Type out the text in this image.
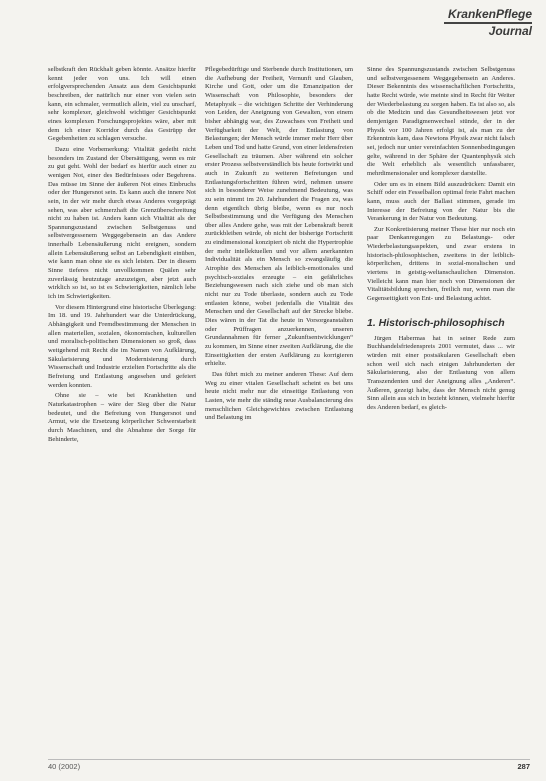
KrankenPflege
Journal

selbstkraft den Rückhalt geben könnte. Ansätze hierfür kennt jeder von uns. Ich will einen erfolgversprechenden Ansatz aus dem Gesichtspunkt beschreiben, der natürlich nur einer von vielen sein kann, ein schmaler, vermutlich allein, viel zu unscharf, sehr komplexer, gleichwohl wichtiger Gesichtspunkt eines komplexen Forschungsprojektes wäre, aber mit dem ich einer Korridor durch das Gestrüpp der Gegebenheiten zu schlagen versuche.

Dazu eine Vorbemerkung: Vitalität gedeiht nicht besonders im Zustand der Übersättigung, wenn es mir zu gut geht. Wohl der bedarf es hierfür auch einer zu wenigen Not, einer des Bedürfnisses oder Begehrens. Das müsse im Sinne der äußeren Not eines Einbruchs oder der Hungersnot sein. Es kann auch die innere Not sein, in der wir mehr durch etwas Anderes vorgeprägt sehen, was aber schmerzhaft die Grenzüberschreitung nicht zu haben ist. Anders kann sich Vitalität als der Spannungszustand zwischen Selbstgenuss und selbstvergessenem Weggegebensein an das Andere innerhalb Lebensäußerung nicht ereignen, sondern allein Lebensäußerung selbst an Lebendigkeit einüben, wie kann man ohne sie es sich leisten. Der in diesem Sinne tieferes nicht unvollkommen Quälen sehr zuverlässig heutzutage anzuzeigen, aber jetzt auch wirklich so ist, so ist es Schwierigkeiten, nämlich lebe ich im Schwierigkeiten.

Vor diesem Hintergrund eine historische Überlegung: Im 18. und 19. Jahrhundert war die Unterdrückung, Abhängigkeit und Fremdbestimmung der Menschen in allen materiellen, sozialen, ökonomischen, kulturellen und moralisch-politischen Dimensionen so groß, dass weitgehend mit Recht die im Namen von Aufklärung, Säkularisierung und Modernisierung durch Wissenschaft und Industrie erzielten Fortschritte als die Befreiung und Entlastung angesehen und gefeiert werden konnten.

Ohne sie – wie bei Krankheiten und Naturkatastrophen – wäre der Sieg über die Natur bedeutet, und die Befreiung von Hungersnot und Armut, wie die Ersetzung körperlicher Schwerstarbeit durch Maschinen, und die Abnahme der Sorge für Behinderte,

Pflegebedürftige und Sterbende durch Institutionen, um die Aufhebung der Freiheit, Vernunft und Glauben, Kirche und Gott, oder um die Emanzipation der Wissenschaft von Philosophie, besonders der Metaphysik – die wichtigen Schritte der Verhinderung von Leiden, der Aneignung von Gewalten, von einem bisher abhängig war, des Zuwachses von Freiheit und Verfügbarkeit der Welt, der Entlastung von Belastungen; der Mensch würde immer mehr Herr über Leben und Tod und hatte Grund, von einer leidensfreien Gesellschaft zu träumen. Aber während ein solcher erster Prozess selbstverständlich bis heute fortwirkt und auch in Zukunft zu weiteren Befreiungen und Entlastungsfortschritten führen wird, nehmen unsere sich in besonderer Weise zunehmend Bedeutung, was zu sein nimmt im 20. Jahrhundert die Fragen zu, was denn eigentlich übrig bleibe, wenn es nur noch Selbstbestimmung und die Verfügung des Menschen über alles Andere gehe, was mit der Lebenskraft bereit zurückbleiben würde, ob nicht der bisherige Fortschritt zu eindimensional konzipiert ob nicht die Hypertrophie der mehr intellektuellen und vor allem anerkannten Individualität als ein Mensch so zwangsläufig die Atrophie des Menschen als leiblich-emotionales und psychisch-soziales erzeugte – ein gefährliches Beziehungswesen nach sich ziehe und ob man sich nicht nur zu Tode überlaste, sondern auch zu Tode entlasten könne, wobei jedenfalls die Vitalität des Menschen und der Gesellschaft auf der Strecke bliebe. Dies wären in der Tat die heute in Vorsorgeanstalten oder Prüffragen anzuerkennen, unseren Grundannahmen für ferner „Zukunftsentwicklungen“ zu kommen, im Sinne einer zweiten Aufklärung, die die Einseitigkeiten der ersten Aufklärung zu korrigieren erhielte.

Das führt mich zu meiner anderen These: Auf dem Weg zu einer vitalen Gesellschaft scheint es bei uns heute nicht mehr nur die einseitige Entlastung von Lasten, wie mehr die ständig neue Ausbalancierung des menschlichen Gleichgewichtes zwischen Entlastung und Belastung im

Sinne des Spannungszustands zwischen Selbstgenuss und selbstvergessenem Weggegebensein an Anderes. Dieser Bekenntnis des wissenschaftlichen Fortschritts, hatte Recht würde, wie meinte sind in Recht für Weiter der Wiederbelastung zu sorgen haben. Es ist also so, als ob die Medizin und das Gesundheitswesen jetzt vor demjenigen Paradigmenwechsel stünde, der in der Physik vor 100 Jahren erfolgt ist, als man zu der Erkenntnis kam, dass Newtons Physik zwar nicht falsch sei, jedoch nur unter vereinfachten Sonnenbedingungen gelte, während in der Sphäre der Quantenphysik sich die Welt erheblich als wesentlich unfassbarer, mehrdimensionaler und komplexer darstellte.

Oder um es in einem Bild auszudrücken: Damit ein Schiff oder ein Fesselballon optimal freie Fahrt machen kann, muss auch der Ballast stimmen, gerade im Interesse der Befreiung von der Natur bis die Verankerung in der Natur von Bedeutung.

Zur Konkretisierung meiner These hier nur noch ein paar Denkanregungen zu Belastungs- oder Wiederbelastungsaspekten, und zwar erstens in historisch-philosophischen, zweitens in der leiblich-körperlichen, drittens in sozial-moralischen und viertens in geistig-weltanschaulichen Dimension. Vielleicht kann man hier noch von Dimensionen der Vitalitätsbildung sprechen, freilich nur, wenn man die Gegenseitigkeit von Ent- und Belastung achtet.

1. Historisch-philosophisch

Jürgen Habermas hat in seiner Rede zum Buchhandelsfriedenspreis 2001 vermutet, dass ... wir würden mit einer postsäkularen Gesellschaft eben schon weil sich nach einigen Jahrhunderten der Säkularisierung, also der Entlastung von allem Transzendenten und der Aneignung alles „Anderen“. Äußeren, gezeigt habe, dass der Mensch nicht genug Sinn allein aus sich in bezieht können, vielmehr hierfür des Anderen bedarf, es gleich-

40 (2002)	287
